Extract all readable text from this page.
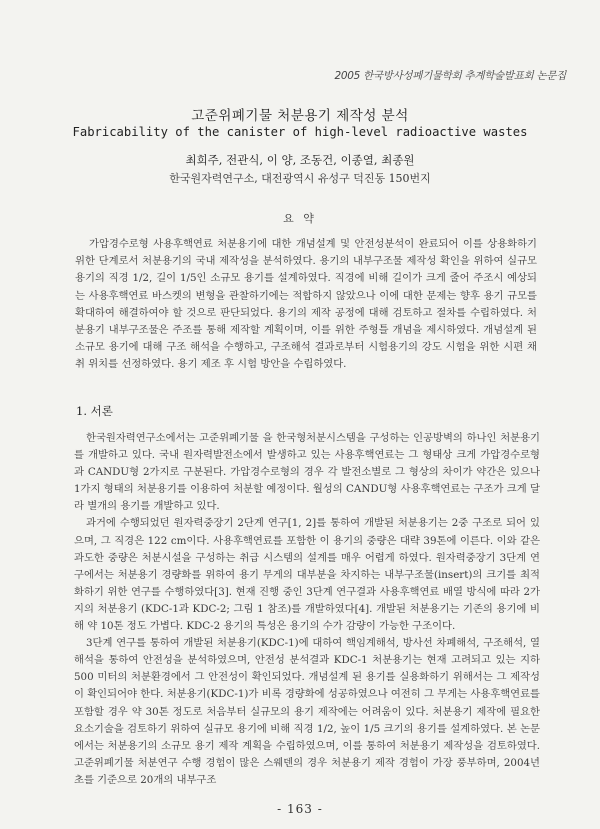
2005 한국방사성폐기물학회 추계학술발표회 논문집
고준위폐기물 처분용기 제작성 분석
Fabricability of the canister of high-level radioactive wastes
최희주, 전관식, 이 양, 조동건, 이종열, 최종원
한국원자력연구소, 대전광역시 유성구 덕진동 150번지
요 약
가압경수로형 사용후핵연료 처분용기에 대한 개념설계 및 안전성분석이 완료되어 이를 상용화하기 위한 단계로서 처분용기의 국내 제작성을 분석하였다. 용기의 내부구조물 제작성 확인을 위하여 실규모 용기의 직경 1/2, 길이 1/5인 소규모 용기를 설계하였다. 직경에 비해 길이가 크게 줄어 주조시 예상되는 사용후핵연료 바스켓의 변형을 관찰하기에는 적합하지 않았으나 이에 대한 문제는 향후 용기 규모를 확대하여 해결하여야 할 것으로 판단되었다. 용기의 제작 공정에 대해 검토하고 절차를 수립하였다. 처분용기 내부구조물은 주조를 통해 제작할 계획이며, 이를 위한 주형틀 개념을 제시하였다. 개념설계 된 소규모 용기에 대해 구조 해석을 수행하고, 구조해석 결과로부터 시험용기의 강도 시험을 위한 시편 채취 위치를 선정하였다. 용기 제조 후 시험 방안을 수립하였다.
1. 서론

한국원자력연구소에서는 고준위폐기물 을 한국형처분시스템을 구성하는 인공방벽의 하나인 처분용기를 개발하고 있다. 국내 원자력발전소에서 발생하고 있는 사용후핵연료는 그 형태상 크게 가압경수로형과 CANDU형 2가지로 구분된다. 가압경수로형의 경우 각 발전소별로 그 형상의 차이가 약간은 있으나 1가지 형태의 처분용기를 이용하여 처분할 예정이다. 월성의 CANDU형 사용후핵연료는 구조가 크게 달라 별개의 용기를 개발하고 있다.

과거에 수행되었던 원자력중장기 2단계 연구[1, 2]를 통하여 개발된 처분용기는 2중 구조로 되어 있으며, 그 직경은 122 cm이다. 사용후핵연료를 포함한 이 용기의 중량은 대략 39톤에 이른다. 이와 같은 과도한 중량은 처분시설을 구성하는 취급 시스템의 설계를 매우 어렵게 하였다. 원자력중장기 3단계 연구에서는 처분용기 경량화를 위하여 용기 무게의 대부분을 차지하는 내부구조물(insert)의 크기를 최적화하기 위한 연구를 수행하였다[3]. 현재 진행 중인 3단계 연구결과 사용후핵연료 배열 방식에 따라 2가지의 처분용기 (KDC-1과 KDC-2; 그림 1 참조)를 개발하였다[4]. 개발된 처분용기는 기존의 용기에 비해 약 10톤 정도 가볍다. KDC-2 용기의 특성은 용기의 수가 감량이 가능한 구조이다.

3단계 연구를 통하여 개발된 처분용기(KDC-1)에 대하여 핵임계해석, 방사선 차폐해석, 구조해석, 열해석을 통하여 안전성을 분석하였으며, 안전성 분석결과 KDC-1 처분용기는 현재 고려되고 있는 지하 500 미터의 처분환경에서 그 안전성이 확인되었다. 개념설계 된 용기를 실용화하기 위해서는 그 제작성이 확인되어야 한다. 처분용기(KDC-1)가 비록 경량화에 성공하였으나 여전히 그 무게는 사용후핵연료를 포함할 경우 약 30톤 정도로 처음부터 실규모의 용기 제작에는 어려움이 있다. 처분용기 제작에 필요한 요소기술을 검토하기 위하여 실규모 용기에 비해 직경 1/2, 높이 1/5 크기의 용기를 설계하였다. 본 논문에서는 처분용기의 소규모 용기 제작 계획을 수립하였으며, 이를 통하여 처분용기 제작성을 검토하였다. 고준위폐기물 처분연구 수행 경험이 많은 스웨덴의 경우 처분용기 제작 경험이 가장 풍부하며, 2004년 초를 기준으로 20개의 내부구조

- 163 -
